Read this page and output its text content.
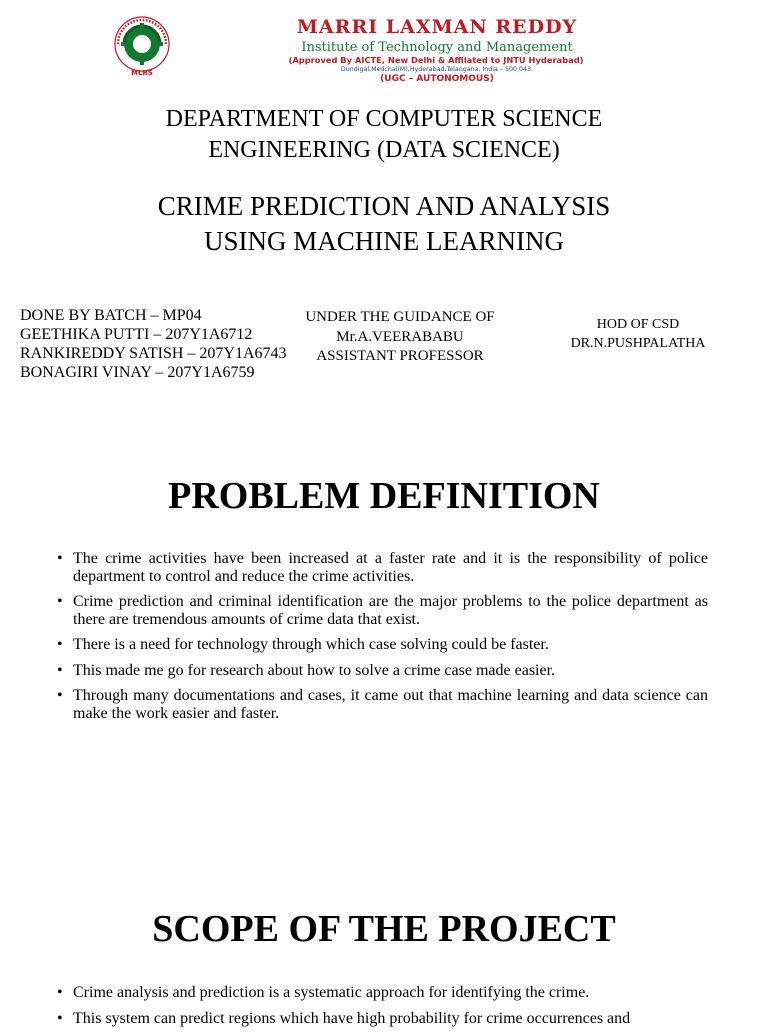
MLRS
MARRI LAXMAN REDDY
Institute of Technology and Management
(Approved By AICTE, New Delhi & Affilated to JNTU Hyderabad)
Dundigal,Medchal(M),Hyderabad,Telangana, India – 500 043.
(UGC – AUTONOMOUS)
DEPARTMENT OF COMPUTER SCIENCE
ENGINEERING (DATA SCIENCE)
CRIME PREDICTION AND ANALYSIS
USING MACHINE LEARNING
DONE BY BATCH – MP04
GEETHIKA PUTTI – 207Y1A6712
RANKIREDDY SATISH – 207Y1A6743
BONAGIRI VINAY – 207Y1A6759
UNDER THE GUIDANCE OF
Mr.A.VEERABABU
ASSISTANT PROFESSOR
HOD OF CSD
DR.N.PUSHPALATHA
PROBLEM DEFINITION
• The crime activities have been increased at a faster rate and it is the responsibility of police department to control and reduce the crime activities.
• Crime prediction and criminal identification are the major problems to the police department as there are tremendous amounts of crime data that exist.
• There is a need for technology through which case solving could be faster.
• This made me go for research about how to solve a crime case made easier.
• Through many documentations and cases, it came out that machine learning and data science can make the work easier and faster.
SCOPE OF THE PROJECT
• Crime analysis and prediction is a systematic approach for identifying the crime.
• This system can predict regions which have high probability for crime occurrences and
